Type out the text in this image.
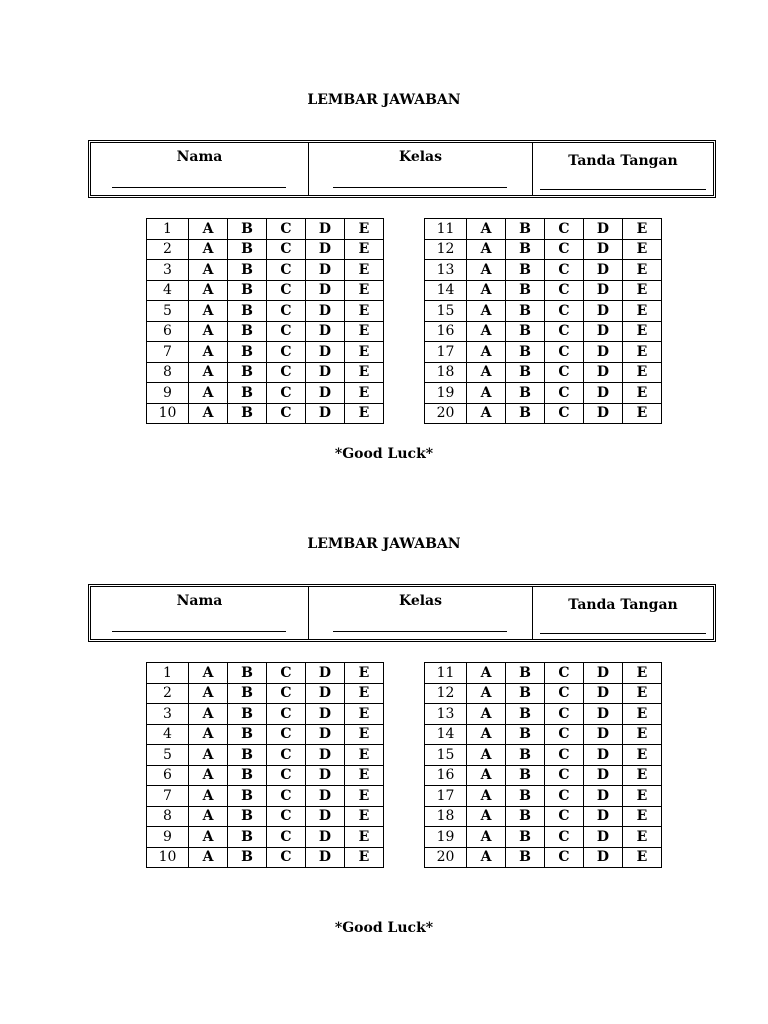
LEMBAR JAWABAN
Nama	Kelas	Tanda Tangan
1	A	B	C	D	E
2	A	B	C	D	E
3	A	B	C	D	E
4	A	B	C	D	E
5	A	B	C	D	E
6	A	B	C	D	E
7	A	B	C	D	E
8	A	B	C	D	E
9	A	B	C	D	E
10	A	B	C	D	E
11	A	B	C	D	E
12	A	B	C	D	E
13	A	B	C	D	E
14	A	B	C	D	E
15	A	B	C	D	E
16	A	B	C	D	E
17	A	B	C	D	E
18	A	B	C	D	E
19	A	B	C	D	E
20	A	B	C	D	E
*Good Luck*
LEMBAR JAWABAN
Nama	Kelas	Tanda Tangan
1	A	B	C	D	E
2	A	B	C	D	E
3	A	B	C	D	E
4	A	B	C	D	E
5	A	B	C	D	E
6	A	B	C	D	E
7	A	B	C	D	E
8	A	B	C	D	E
9	A	B	C	D	E
10	A	B	C	D	E
11	A	B	C	D	E
12	A	B	C	D	E
13	A	B	C	D	E
14	A	B	C	D	E
15	A	B	C	D	E
16	A	B	C	D	E
17	A	B	C	D	E
18	A	B	C	D	E
19	A	B	C	D	E
20	A	B	C	D	E
*Good Luck*
